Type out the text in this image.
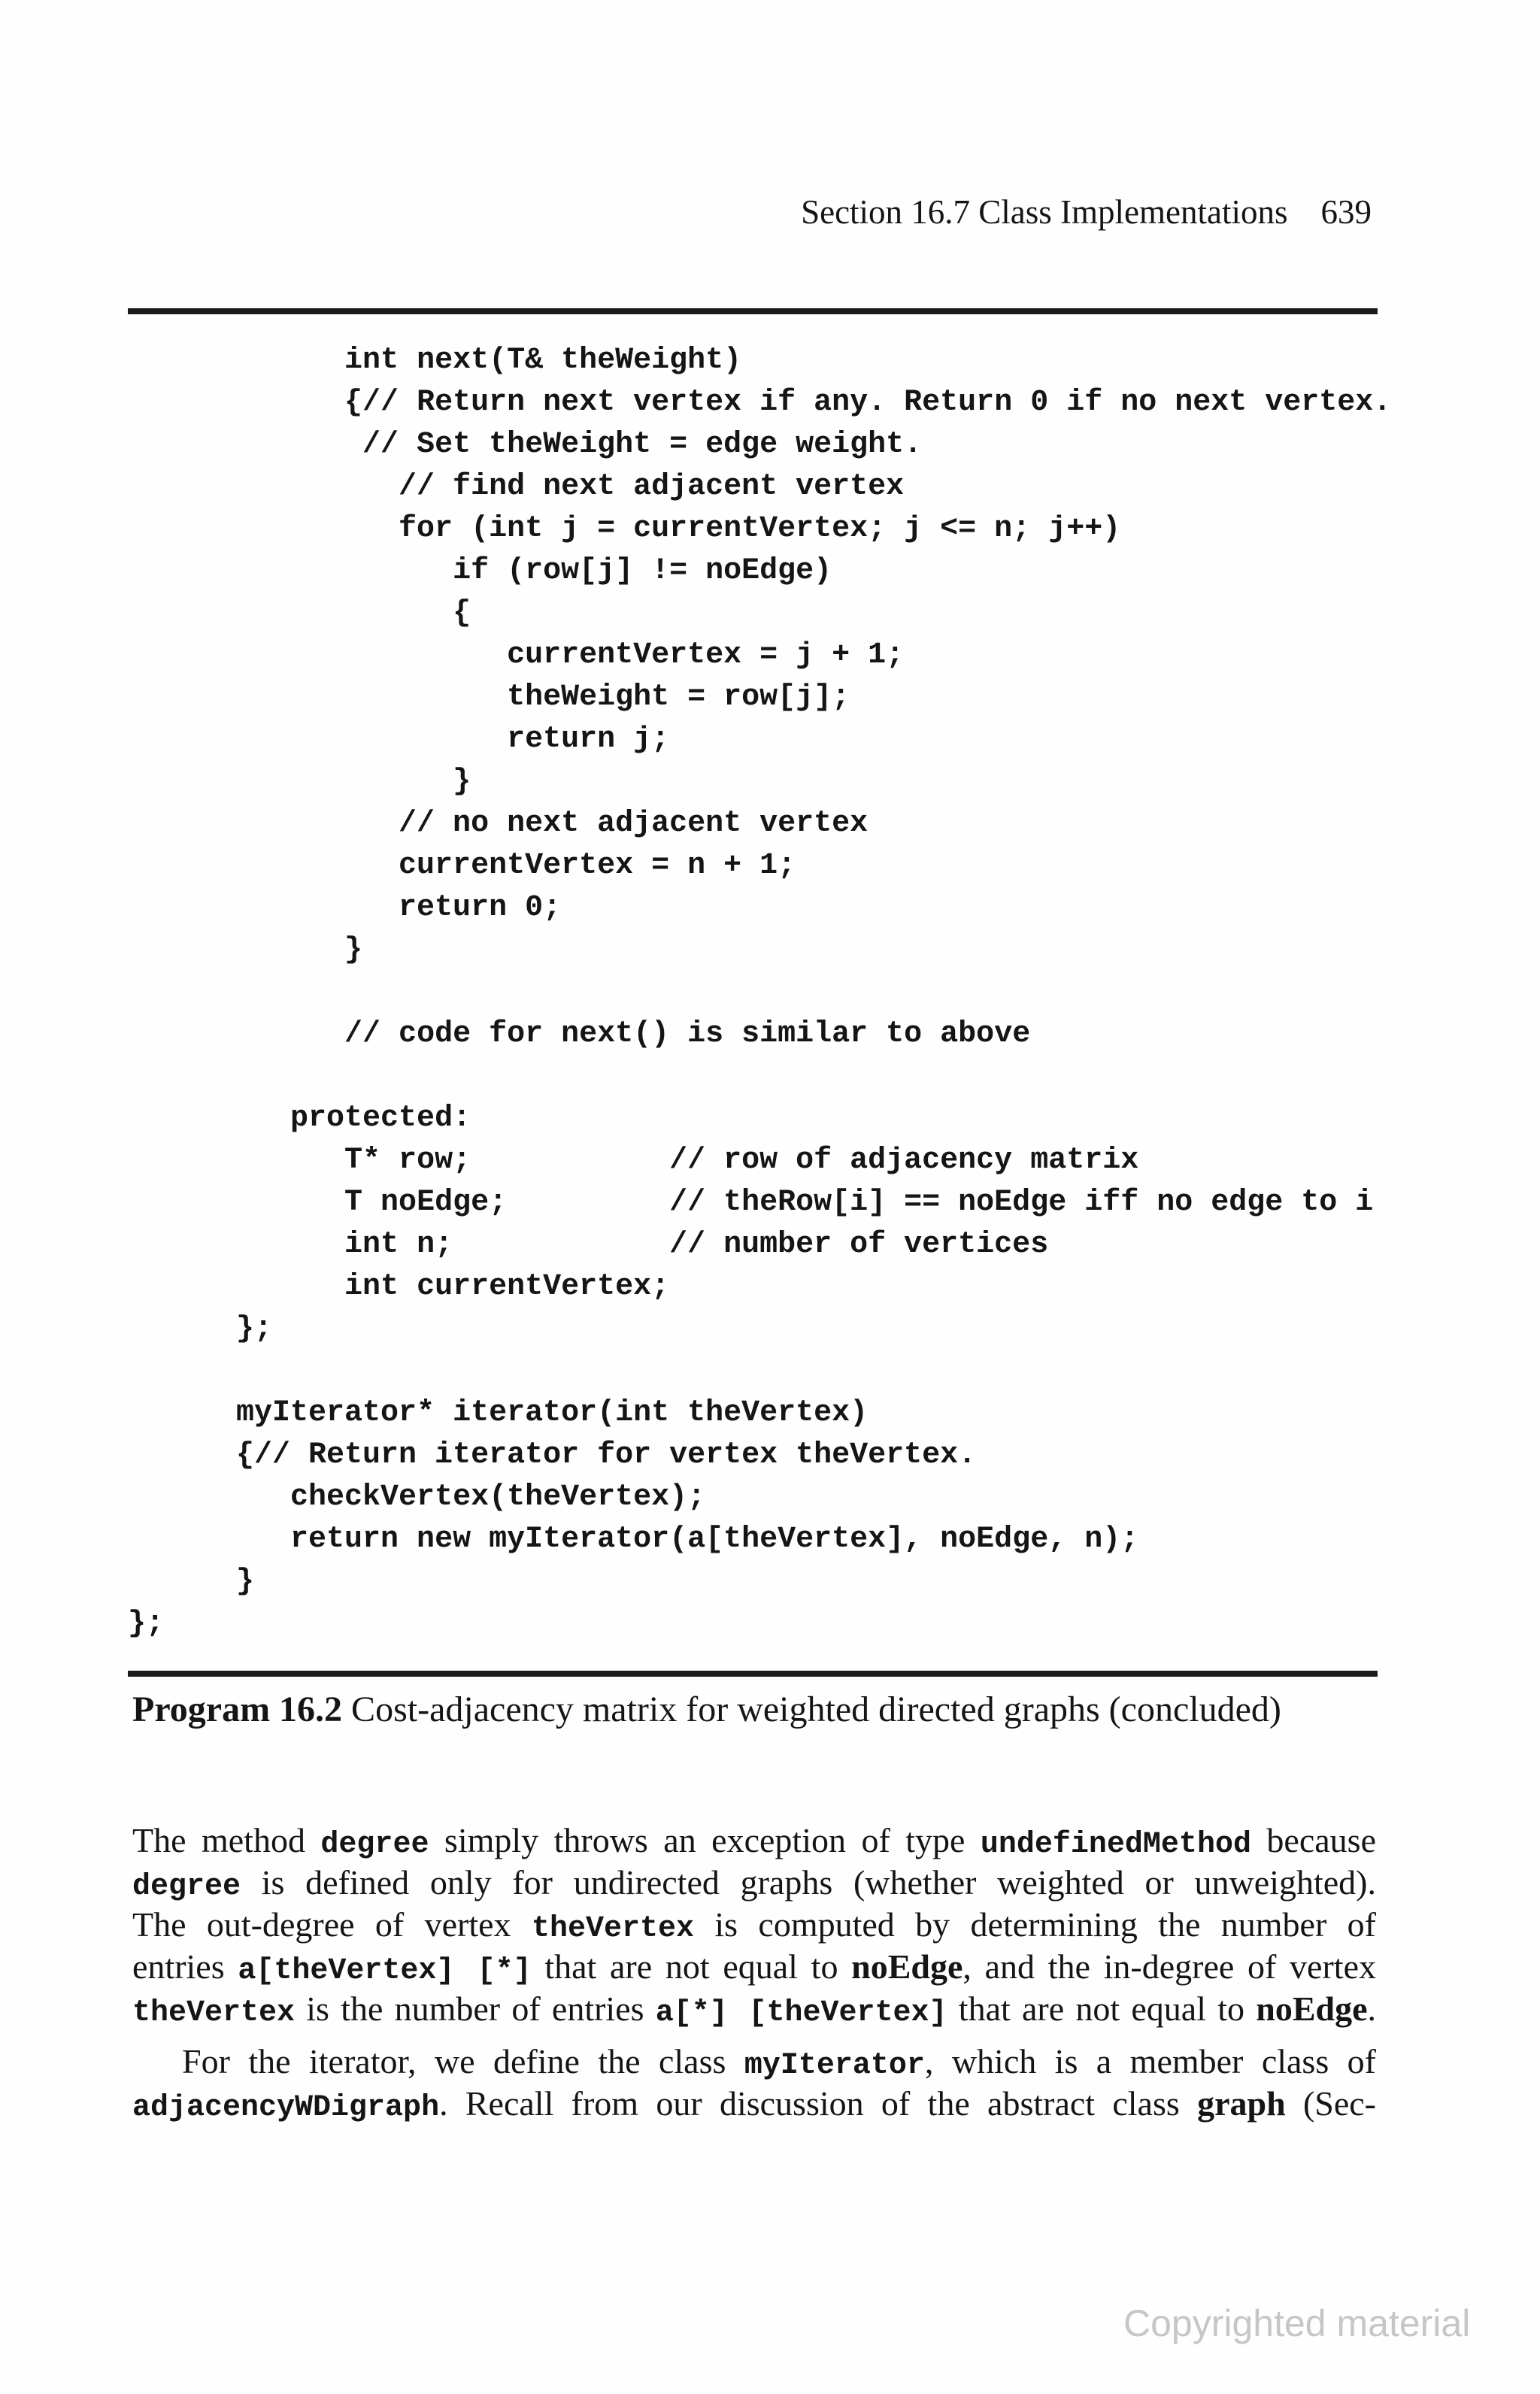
Section 16.7 Class Implementations 639
int next(T& theWeight)
{// Return next vertex if any. Return 0 if no next vertex.
// Set theWeight = edge weight.
// find next adjacent vertex
for (int j = currentVertex; j <= n; j++)
if (row[j] != noEdge)
{
currentVertex = j + 1;
theWeight = row[j];
return j;
}
// no next adjacent vertex
currentVertex = n + 1;
return 0;
}
// code for next() is similar to above
protected:
T* row;	// row of adjacency matrix
T noEdge;	// theRow[i] == noEdge iff no edge to i
int n;	// number of vertices
int currentVertex;
};
myIterator* iterator(int theVertex)
{// Return iterator for vertex theVertex.
checkVertex(theVertex);
return new myIterator(a[theVertex], noEdge, n);
}
};
Program 16.2 Cost-adjacency matrix for weighted directed graphs (concluded)
The method degree simply throws an exception of type undefinedMethod because
degree is defined only for undirected graphs (whether weighted or unweighted).
The out-degree of vertex theVertex is computed by determining the number of
entries a[theVertex] [*] that are not equal to noEdge, and the in-degree of vertex
theVertex is the number of entries a[*] [theVertex] that are not equal to noEdge.
For the iterator, we define the class myIterator, which is a member class of
adjacencyWDigraph. Recall from our discussion of the abstract class graph (Sec-
Copyrighted material
